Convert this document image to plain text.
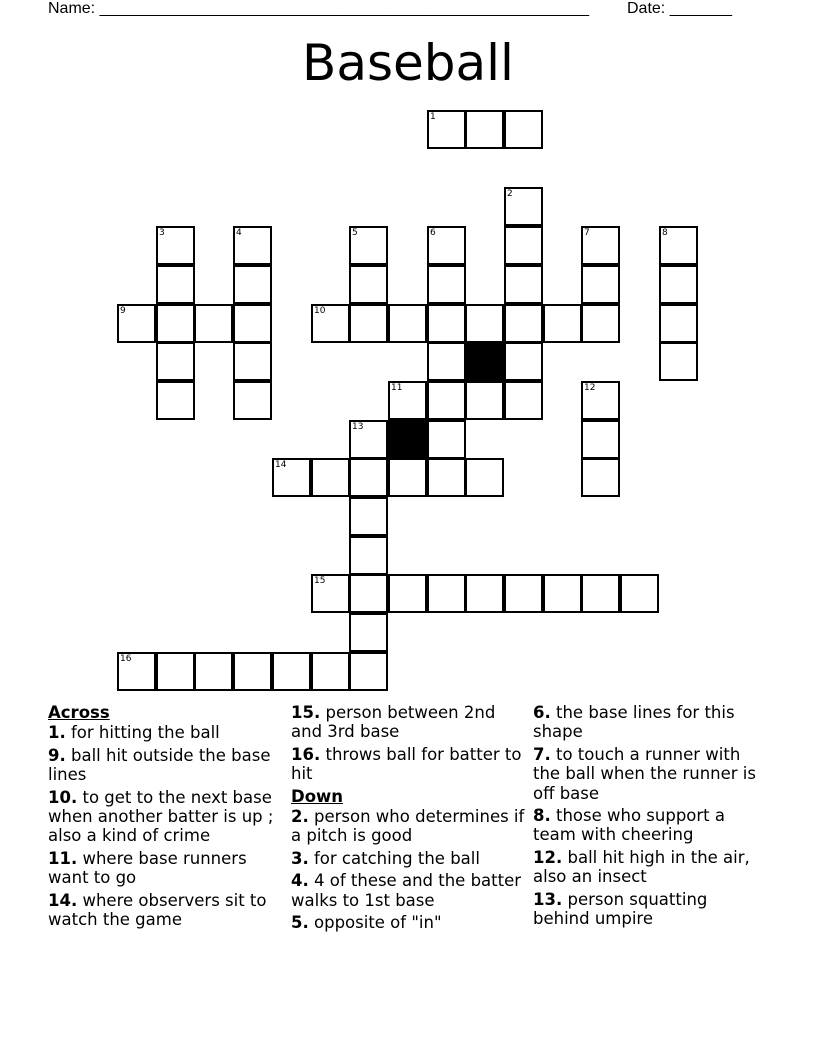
Name: _______________________________________________________ Date: _______
Baseball
1
2
3	4	5	6	7	8
9	10
11	12
13
14
15
16
Across
1. for hitting the ball
9. ball hit outside the base lines
10. to get to the next base when another batter is up ; also a kind of crime
11. where base runners want to go
14. where observers sit to watch the game
15. person between 2nd and 3rd base
16. throws ball for batter to hit
Down
2. person who determines if a pitch is good
3. for catching the ball
4. 4 of these and the batter walks to 1st base
5. opposite of "in"
6. the base lines for this shape
7. to touch a runner with the ball when the runner is off base
8. those who support a team with cheering
12. ball hit high in the air, also an insect
13. person squatting behind umpire
